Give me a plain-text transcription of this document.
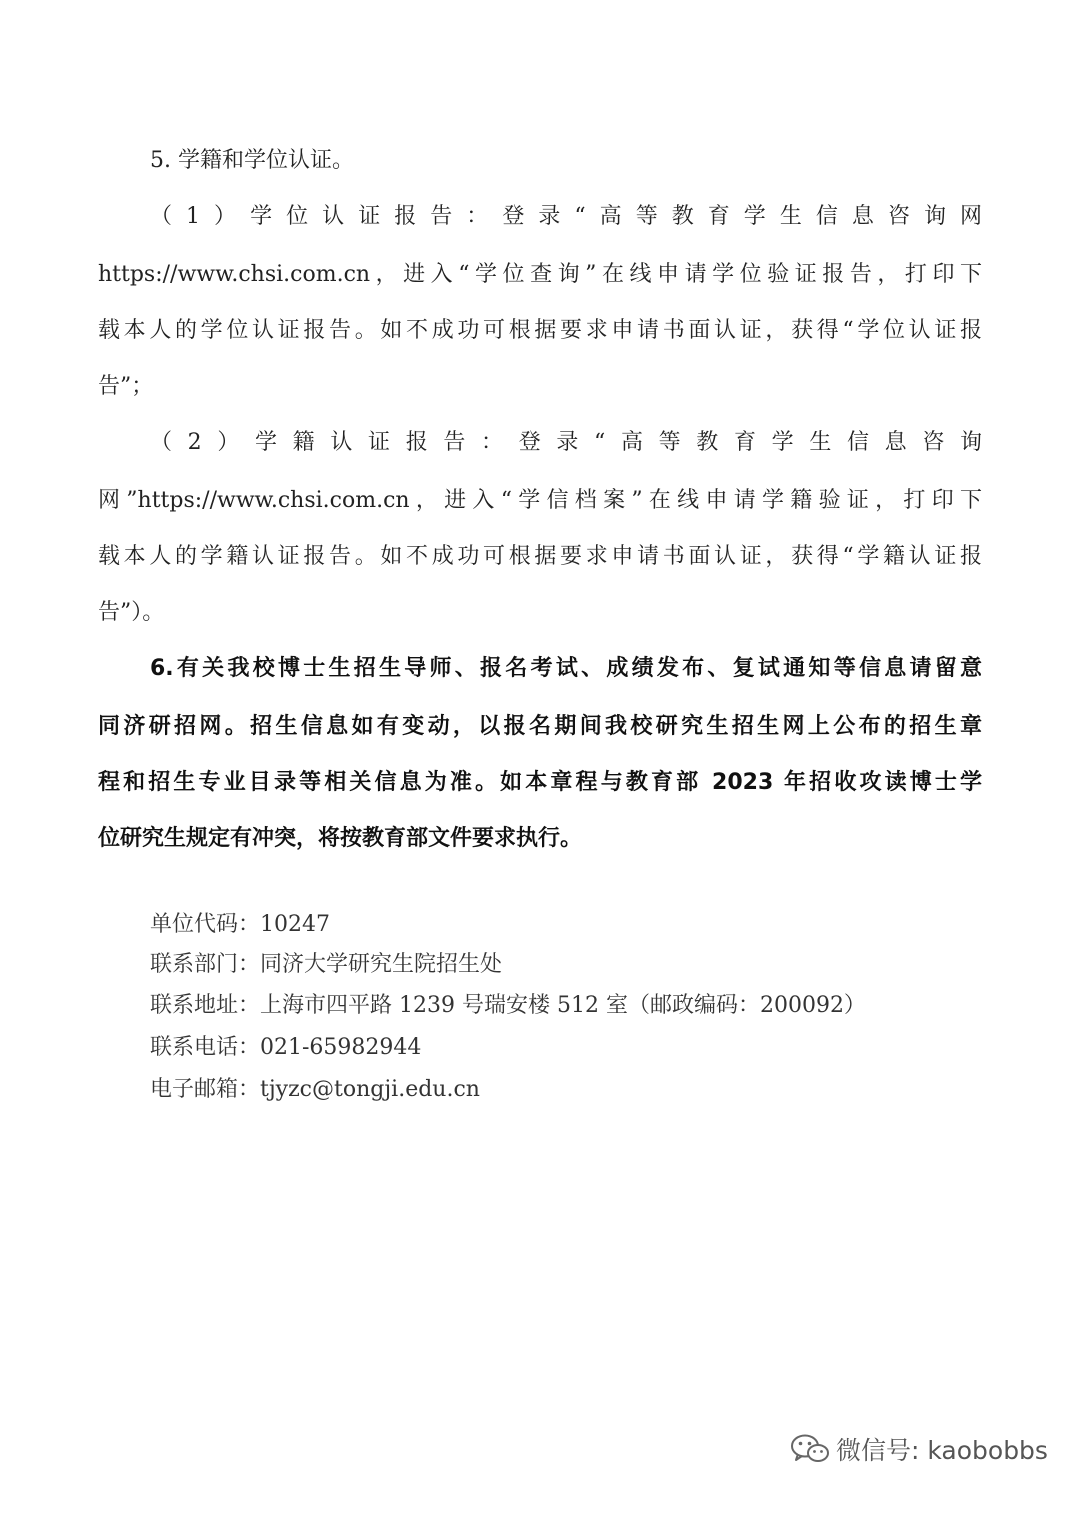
5. 学籍和学位认证。
（1）学位认证报告：登录“高等教育学生信息咨询网
https://www.chsi.com.cn，进入“学位查询”在线申请学位验证报告，打印下
载本人的学位认证报告。如不成功可根据要求申请书面认证，获得“学位认证报
告”；
（2）学籍认证报告：登录“高等教育学生信息咨询
网”https://www.chsi.com.cn，进入“学信档案”在线申请学籍验证，打印下
载本人的学籍认证报告。如不成功可根据要求申请书面认证，获得“学籍认证报
告”）。
6.有关我校博士生招生导师、报名考试、成绩发布、复试通知等信息请留意
同济研招网。招生信息如有变动，以报名期间我校研究生招生网上公布的招生章
程和招生专业目录等相关信息为准。如本章程与教育部 2023 年招收攻读博士学
位研究生规定有冲突，将按教育部文件要求执行。
单位代码：10247
联系部门：同济大学研究生院招生处
联系地址：上海市四平路 1239 号瑞安楼 512 室（邮政编码：200092）
联系电话：021-65982944
电子邮箱：tjyzc@tongji.edu.cn
微信号: kaobobbs
